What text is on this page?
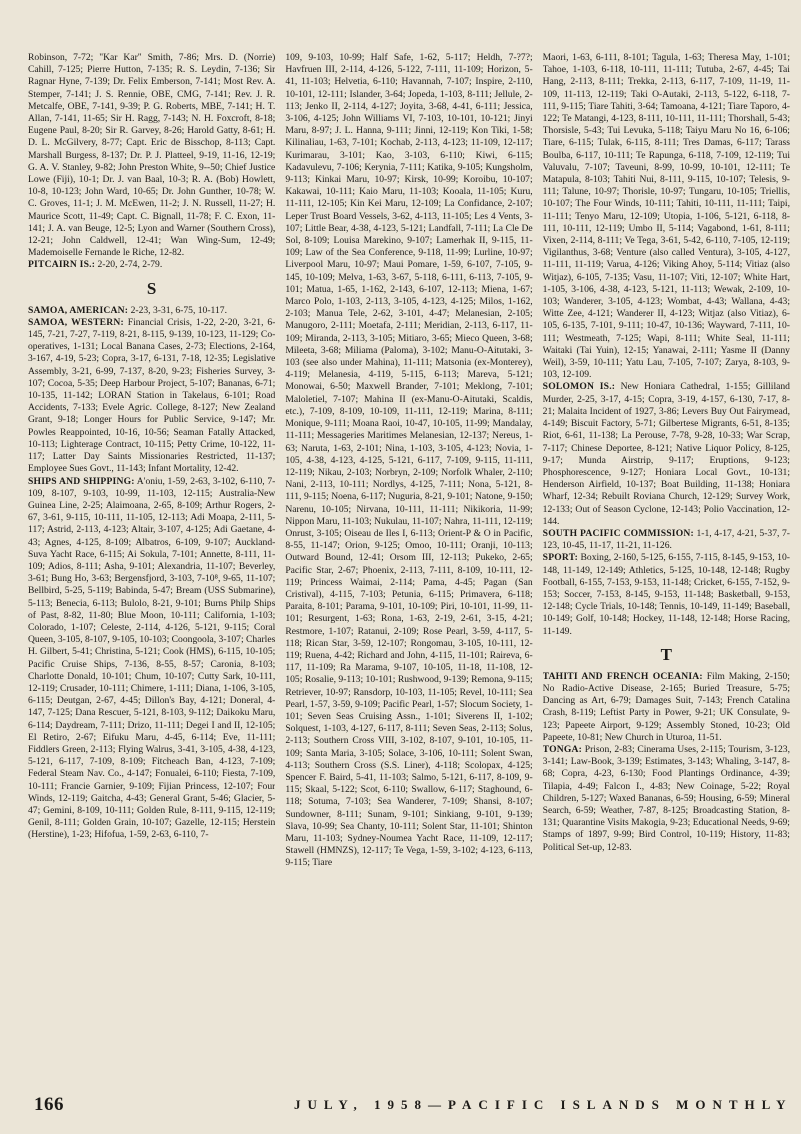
Robinson, 7-72; "Kar Kar" Smith, 7-86; Mrs. D. (Norrie) Cahill, 7-125; Pierre Hutton, 7-135; R. S. Leydin, 7-136; Sir Ragnar Hyne, 7-139; Dr. Felix Emberson, 7-141; Most Rev. A. Stemper, 7-141; J. S. Rennie, OBE, CMG, 7-141; Rev. J. R. Metcalfe, OBE, 7-141, 9-39; P. G. Roberts, MBE, 7-141; H. T. Allan, 7-141, 11-65; Sir H. Ragg, 7-143; N. H. Foxcroft, 8-18; Eugene Paul, 8-20; Sir R. Garvey, 8-26; Harold Gatty, 8-61; H. D. L. McGilvery, 8-77; Capt. Eric de Bisschop, 8-113; Capt. Marshall Burgess, 8-137; Dr. P. J. Platteel, 9-19, 11-16, 12-19; G. A. V. Stanley, 9-82; John Preston White, 9--50; Chief Justice Lowe (Fiji), 10-1; Dr. J. van Baal, 10-3; R. A. (Bob) Howlett, 10-8, 10-123; John Ward, 10-65; Dr. John Gunther, 10-78; W. C. Groves, 11-1; J. M. McEwen, 11-2; J. N. Russell, 11-27; H. Maurice Scott, 11-49; Capt. C. Bignall, 11-78; F. C. Exon, 11-141; J. A. van Beuge, 12-5; Lyon and Warner (Southern Cross), 12-21; John Caldwell, 12-41; Wan Wing-Sum, 12-49; Mademoiselle Fernande le Riche, 12-82.

PITCAIRN IS.: 2-20, 2-74, 2-79.

S

SAMOA, AMERICAN: 2-23, 3-31, 6-75, 10-117.

SAMOA, WESTERN: Financial Crisis, 1-22, 2-20, 3-21, 6-145, 7-21, 7-27, 7-119, 8-21, 8-115, 9-139, 10-123, 11-129; Co-operatives, 1-131; Local Banana Cases, 2-73; Elections, 2-164, 3-167, 4-19, 5-23; Copra, 3-17, 6-131, 7-18, 12-35; Legislative Assembly, 3-21, 6-99, 7-137, 8-20, 9-23; Fisheries Survey, 3-107; Cocoa, 5-35; Deep Harbour Project, 5-107; Bananas, 6-71; 10-135, 11-142; LORAN Station in Takelaus, 6-101; Road Accidents, 7-133; Evele Agric. College, 8-127; New Zealand Grant, 9-18; Longer Hours for Public Service, 9-147; Mr. Powles Reappointed, 10-16, 10-56; Seaman Fatally Attacked, 10-113; Lighterage Contract, 10-115; Petty Crime, 10-122, 11-117; Latter Day Saints Missionaries Restricted, 11-137; Employee Sues Govt., 11-143; Infant Mortality, 12-42.

SHIPS AND SHIPPING: A'oniu, 1-59, 2-63, 3-102, 6-110, 7-109, 8-107, 9-103, 10-99, 11-103, 12-115; Australia-New Guinea Line, 2-25; Alaimoana, 2-65, 8-109; Arthur Rogers, 2-67, 3-61, 9-115, 10-111, 11-105, 12-113; Adi Moapa, 2-111, 5-117; Astrid, 2-113, 4-123; Altair, 3-107, 4-125; Adi Gaetane, 4-43; Agnes, 4-125, 8-109; Albatros, 6-109, 9-107; Auckland-Suva Yacht Race, 6-115; Ai Sokula, 7-101; Annette, 8-111, 11-109; Adios, 8-111; Asha, 9-101; Alexandria, 11-107; Beverley, 3-61; Bung Ho, 3-63; Bergensfjord, 3-103, 7-10⁸, 9-65, 11-107; Bellbird, 5-25, 5-119; Babinda, 5-47; Bream (USS Submarine), 5-113; Benecia, 6-113; Bulolo, 8-21, 9-101; Burns Philp Ships of Past, 8-82, 11-80; Blue Moon, 10-111; California, 1-103; Colorado, 1-107; Celeste, 2-114, 4-126, 5-121, 9-115; Coral Queen, 3-105, 8-107, 9-105, 10-103; Coongoola, 3-107; Charles H. Gilbert, 5-41; Christina, 5-121; Cook (HMS), 6-115, 10-105; Pacific Cruise Ships, 7-136, 8-55, 8-57; Caronia, 8-103; Charlotte Donald, 10-101; Chum, 10-107; Cutty Sark, 10-111, 12-119; Crusader, 10-111; Chimere, 1-111; Diana, 1-106, 3-105, 6-115; Deutgan, 2-67, 4-45; Dillon's Bay, 4-121; Doneral, 4-147, 7-125; Dana Rescuer, 5-121, 8-103, 9-112; Daikoku Maru, 6-114; Daydream, 7-111; Drizo, 11-111; Degei I and II, 12-105; El Retiro, 2-67; Eifuku Maru, 4-45, 6-114; Eve, 11-111; Fiddlers Green, 2-113; Flying Walrus, 3-41, 3-105, 4-38, 4-123, 5-121, 6-117, 7-109, 8-109; Fitcheach Ban, 4-123, 7-109; Federal Steam Nav. Co., 4-147; Fonualei, 6-110; Fiesta, 7-109, 10-111; Francie Garnier, 9-109; Fijian Princess, 12-107; Four Winds, 12-119; Gaitcha, 4-43; General Grant, 5-46; Glacier, 5-47; Gemini, 8-109, 10-111; Golden Rule, 8-111, 9-115, 12-119; Genil, 8-111; Golden Grain, 10-107; Gazelle, 12-115; Herstein (Herstine), 1-23; Hifofua, 1-59, 2-63, 6-110, 7-

109, 9-103, 10-99; Half Safe, 1-62, 5-117; Heldh, 7-?7?; Havfruen III, 2-114, 4-126, 5-122, 7-111, 11-109; Horizon, 5-41, 11-103; Helvetia, 6-110; Havannah, 7-107; Inspire, 2-110, 10-101, 12-111; Islander, 3-64; Jopeda, 1-103, 8-111; Jellule, 2-113; Jenko II, 2-114, 4-127; Joyita, 3-68, 4-41, 6-111; Jessica, 3-106, 4-125; John Williams VI, 7-103, 10-101, 10-121; Jinyi Maru, 8-97; J. L. Hanna, 9-111; Jinni, 12-119; Kon Tiki, 1-58; Kilinaliau, 1-63, 7-101; Kochab, 2-113, 4-123; 11-109, 12-117; Kurimarau, 3-101; Kao, 3-103, 6-110; Kiwi, 6-115; Kadavulevu, 7-106; Kerynia, 7-111; Katika, 9-105; Kungsholm, 9-113; Kinkai Maru, 10-97; Kirsk, 10-99; Koroibu, 10-107; Kakawai, 10-111; Kaio Maru, 11-103; Kooala, 11-105; Kuru, 11-111, 12-105; Kin Kei Maru, 12-109; La Confidance, 2-107; Leper Trust Board Vessels, 3-62, 4-113, 11-105; Les 4 Vents, 3-107; Little Bear, 4-38, 4-123, 5-121; Landfall, 7-111; La Cle De Sol, 8-109; Louisa Marekino, 9-107; Lamerhak II, 9-115, 11-109; Law of the Sea Conference, 9-118, 11-99; Lurline, 10-97; Liverpool Maru, 10-97; Maui Pomare, 1-59, 6-107, 7-105, 9-145, 10-109; Melva, 1-63, 3-67, 5-118, 6-111, 6-113, 7-105, 9-101; Matua, 1-65, 1-162, 2-143, 6-107, 12-113; Miena, 1-67; Marco Polo, 1-103, 2-113, 3-105, 4-123, 4-125; Milos, 1-162, 2-103; Manua Tele, 2-62, 3-101, 4-47; Melanesian, 2-105; Manugoro, 2-111; Moetafa, 2-111; Meridian, 2-113, 6-117, 11-109; Miranda, 2-113, 3-105; Mitiaro, 3-65; Mieco Queen, 3-68; Mileeta, 3-68; Miliama (Paloma), 3-102; Manu-O-Aitutaki, 3-103 (see also under Mahina), 11-111; Matsonia (ex-Monterey), 4-119; Melanesia, 4-119, 5-115, 6-113; Mareva, 5-121; Monowai, 6-50; Maxwell Brander, 7-101; Meklong, 7-101; Maloletiel, 7-107; Mahina II (ex-Manu-O-Aitutaki, Scaldis, etc.), 7-109, 8-109, 10-109, 11-111, 12-119; Marina, 8-111; Monique, 9-111; Moana Raoi, 10-47, 10-105, 11-99; Mandalay, 11-111; Messageries Maritimes Melanesian, 12-137; Nereus, 1-63; Naruta, 1-63, 2-101; Nina, 1-103, 3-105, 4-123; Novia, 1-105, 4-38, 4-123, 4-125, 5-121, 6-117, 7-109, 9-115, 11-111, 12-119; Nikau, 2-103; Norbryn, 2-109; Norfolk Whaler, 2-110; Nani, 2-113, 10-111; Nordlys, 4-125, 7-111; Nona, 5-121, 8-111, 9-115; Noena, 6-117; Nuguria, 8-21, 9-101; Natone, 9-150; Narenu, 10-105; Nirvana, 10-111, 11-111; Nikikoria, 11-99; Nippon Maru, 11-103; Nukulau, 11-107; Nahra, 11-111, 12-119; Onrust, 3-105; Oiseau de Iles I, 6-113; Orient-P & O in Pacific, 8-55, 11-147; Orion, 9-125; Omoo, 10-111; Oranji, 10-113; Outward Bound, 12-41; Orsom III, 12-113; Pukeko, 2-65; Pacific Star, 2-67; Phoenix, 2-113, 7-111, 8-109, 10-111, 12-119; Princess Waimai, 2-114; Pama, 4-45; Pagan (San Cristival), 4-115, 7-103; Petunia, 6-115; Primavera, 6-118; Paraita, 8-101; Parama, 9-101, 10-109; Piri, 10-101, 11-99, 11-101; Resurgent, 1-63; Rona, 1-63, 2-19, 2-61, 3-15, 4-21; Restmore, 1-107; Ratanui, 2-109; Rose Pearl, 3-59, 4-117, 5-118; Rican Star, 3-59, 12-107; Rongomau, 3-105, 10-111, 12-119; Ruena, 4-42; Richard and John, 4-115, 11-101; Raireva, 6-117, 11-109; Ra Marama, 9-107, 10-105, 11-18, 11-108, 12-105; Rosalie, 9-113; 10-101; Rushwood, 9-139; Remona, 9-115; Retriever, 10-97; Ransdorp, 10-103, 11-105; Revel, 10-111; Sea Pearl, 1-57, 3-59, 9-109; Pacific Pearl, 1-57; Slocum Society, 1-101; Seven Seas Cruising Assn., 1-101; Siverens II, 1-102; Solquest, 1-103, 4-127, 6-117, 8-111; Seven Seas, 2-113; Solus, 2-113; Southern Cross VIII, 3-102, 8-107, 9-101, 10-105, 11-109; Santa Maria, 3-105; Solace, 3-106, 10-111; Solent Swan, 4-113; Southern Cross (S.S. Liner), 4-118; Scolopax, 4-125; Spencer F. Baird, 5-41, 11-103; Salmo, 5-121, 6-117, 8-109, 9-115; Skaal, 5-122; Scot, 6-110; Swallow, 6-117; Staghound, 6-118; Sotuma, 7-103; Sea Wanderer, 7-109; Shansi, 8-107; Sundowner, 8-111; Sunam, 9-101; Sinkiang, 9-101, 9-139; Slava, 10-99; Sea Chanty, 10-111; Solent Star, 11-101; Shinton Maru, 11-103; Sydney-Noumea Yacht Race, 11-109, 12-117; Stawell (HMNZS), 12-117; Te Vega, 1-59, 3-102; 4-123, 6-113, 9-115; Tiare

Maori, 1-63, 6-111, 8-101; Tagula, 1-63; Theresa May, 1-101; Tahoe, 1-103, 6-118, 10-111, 11-111; Tutuba, 2-67, 4-45; Tai Hang, 2-113, 8-111; Trekka, 2-113, 6-117, 7-109, 11-19, 11-109, 11-113, 12-119; Taki O-Autaki, 2-113, 5-122, 6-118, 7-111, 9-115; Tiare Tahiti, 3-64; Tamoana, 4-121; Tiare Taporo, 4-122; Te Matangi, 4-123, 8-111, 10-111, 11-111; Thorshall, 5-43; Thorsisle, 5-43; Tui Levuka, 5-118; Taiyu Maru No 16, 6-106; Tiare, 6-115; Tulak, 6-115, 8-111; Tres Damas, 6-117; Tarass Boulba, 6-117, 10-111; Te Rapunga, 6-118, 7-109, 12-119; Tui Valuvalu, 7-107; Taveuni, 8-99, 10-99, 10-101, 12-111; Te Matapula, 8-103; Tahiti Nui, 8-111, 9-115, 10-107; Telesis, 9-111; Talune, 10-97; Thorisle, 10-97; Tungaru, 10-105; Triellis, 10-107; The Four Winds, 10-111; Tahiti, 10-111, 11-111; Taipi, 11-111; Tenyo Maru, 12-109; Utopia, 1-106, 5-121, 6-118, 8-111, 10-111, 12-119; Umbo II, 5-114; Vagabond, 1-61, 8-111; Vixen, 2-114, 8-111; Ve Tega, 3-61, 5-42, 6-110, 7-105, 12-119; Vigilanthus, 3-68; Venture (also called Ventura), 3-105, 4-127, 11-111, 11-119; Varua, 4-126; Viking Ahoy, 5-114; Vitiaz (also Witjaz), 6-105, 7-135; Vasu, 11-107; Viti, 12-107; White Hart, 1-105, 3-106, 4-38, 4-123, 5-121, 11-113; Wewak, 2-109, 10-103; Wanderer, 3-105, 4-123; Wombat, 4-43; Wallana, 4-43; Witte Zee, 4-121; Wanderer II, 4-123; Witjaz (also Vitiaz), 6-105, 6-135, 7-101, 9-111; 10-47, 10-136; Wayward, 7-111, 10-111; Westmeath, 7-125; Wapi, 8-111; White Seal, 11-111; Waitaki (Tai Yuin), 12-15; Yanawai, 2-111; Yasme II (Danny Weil), 3-59, 10-111; Yatu Lau, 7-105, 7-107; Zarya, 8-103, 9-103, 12-109.

SOLOMON IS.: New Honiara Cathedral, 1-155; Gilliland Murder, 2-25, 3-17, 4-15; Copra, 3-19, 4-157, 6-130, 7-17, 8-21; Malaita Incident of 1927, 3-86; Levers Buy Out Fairymead, 4-149; Biscuit Factory, 5-71; Gilbertese Migrants, 6-51, 8-135; Riot, 6-61, 11-138; La Perouse, 7-78, 9-28, 10-33; War Scrap, 7-117; Chinese Deportee, 8-121; Native Liquor Policy, 8-125, 9-17; Munda Airstrip, 9-117; Eruptions, 9-123; Phosphorescence, 9-127; Honiara Local Govt., 10-131; Henderson Airfield, 10-137; Boat Building, 11-138; Honiara Wharf, 12-34; Rebuilt Roviana Church, 12-129; Survey Work, 12-133; Out of Season Cyclone, 12-143; Polio Vaccination, 12-144.

SOUTH PACIFIC COMMISSION: 1-1, 4-17, 4-21, 5-37, 7-123, 10-45, 11-17, 11-21, 11-126.

SPORT: Boxing, 2-160, 5-125, 6-155, 7-115, 8-145, 9-153, 10-148, 11-149, 12-149; Athletics, 5-125, 10-148, 12-148; Rugby Football, 6-155, 7-153, 9-153, 11-148; Cricket, 6-155, 7-152, 9-153; Soccer, 7-153, 8-145, 9-153, 11-148; Basketball, 9-153, 12-148; Cycle Trials, 10-148; Tennis, 10-149, 11-149; Baseball, 10-149; Golf, 10-148; Hockey, 11-148, 12-148; Horse Racing, 11-149.

T

TAHITI AND FRENCH OCEANIA: Film Making, 2-150; No Radio-Active Disease, 2-165; Buried Treasure, 5-75; Dancing as Art, 6-79; Damages Suit, 7-143; French Catalina Crash, 8-119; Leftist Party in Power, 9-21; UK Consulate, 9-123; Papeete Airport, 9-129; Assembly Stoned, 10-23; Old Papeete, 10-81; New Church in Uturoa, 11-51.

TONGA: Prison, 2-83; Cinerama Uses, 2-115; Tourism, 3-123, 3-141; Law-Book, 3-139; Estimates, 3-143; Whaling, 3-147, 8-68; Copra, 4-23, 6-130; Food Plantings Ordinance, 4-39; Tilapia, 4-49; Falcon I., 4-83; New Coinage, 5-22; Royal Children, 5-127; Waxed Bananas, 6-59; Housing, 6-59; Mineral Search, 6-59; Weather, 7-87, 8-125; Broadcasting Station, 8-131; Quarantine Visits Makogia, 9-23; Educational Needs, 9-69; Stamps of 1897, 9-99; Bird Control, 10-119; History, 11-83; Political Set-up, 12-83.

166	JULY, 1958—PACIFIC ISLANDS MONTHLY
